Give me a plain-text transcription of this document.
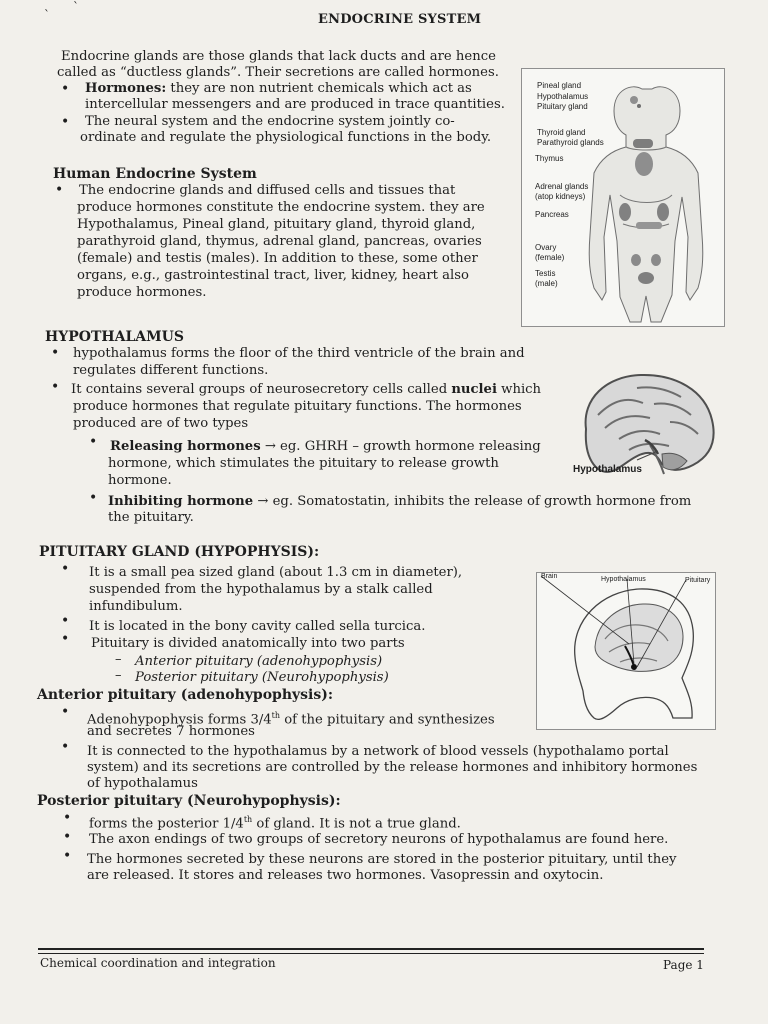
`
`
ENDOCRINE SYSTEM
Endocrine glands are those glands that lack ducts and are hence
called as “ductless glands”. Their secretions are called hormones.
• Hormones: they are non nutrient chemicals which act as
intercellular messengers and are produced in trace quantities.
• The neural system and the endocrine system jointly co-
ordinate and regulate the physiological functions in the body.
Human Endocrine System
• The endocrine glands and diffused cells and tissues that
produce hormones constitute the endocrine system. they are
Hypothalamus, Pineal gland, pituitary gland, thyroid gland,
parathyroid gland, thymus, adrenal gland, pancreas, ovaries
(female) and testis (males). In addition to these, some other
organs, e.g., gastrointestinal tract, liver, kidney, heart also
produce hormones.
Pineal gland
Hypothalamus
Pituitary gland
Thyroid gland
Parathyroid glands
Thymus
Adrenal glands
(atop kidneys)
Pancreas
Ovary
(female)
Testis
(male)
HYPOTHALAMUS
• hypothalamus forms the floor of the third ventricle of the brain and
regulates different functions.
• It contains several groups of neurosecretory cells called nuclei which
produce hormones that regulate pituitary functions. The hormones
produced are of two types
• Releasing hormones → eg. GHRH – growth hormone releasing
hormone, which stimulates the pituitary to release growth
hormone.
• Inhibiting hormone → eg. Somatostatin, inhibits the release of growth hormone from
the pituitary.
Hypothalamus
PITUITARY GLAND (HYPOPHYSIS):
• It is a small pea sized gland (about 1.3 cm in diameter),
suspended from the hypothalamus by a stalk called
infundibulum.
• It is located in the bony cavity called sella turcica.
• Pituitary is divided anatomically into two parts
– Anterior pituitary (adenohypophysis)
– Posterior pituitary (Neurohypophysis)
Brain	Hypothalamus	Pituitary
Anterior pituitary (adenohypophysis):
• Adenohypophysis forms 3/4th of the pituitary and synthesizes
and secretes 7 hormones
• It is connected to the hypothalamus by a network of blood vessels (hypothalamo portal
system) and its secretions are controlled by the release hormones and inhibitory hormones
of hypothalamus
Posterior pituitary (Neurohypophysis):
• forms the posterior 1/4th of gland. It is not a true gland.
• The axon endings of two groups of secretory neurons of hypothalamus are found here.
• The hormones secreted by these neurons are stored in the posterior pituitary, until they
are released. It stores and releases two hormones. Vasopressin and oxytocin.
Chemical coordination and integration	Page 1
